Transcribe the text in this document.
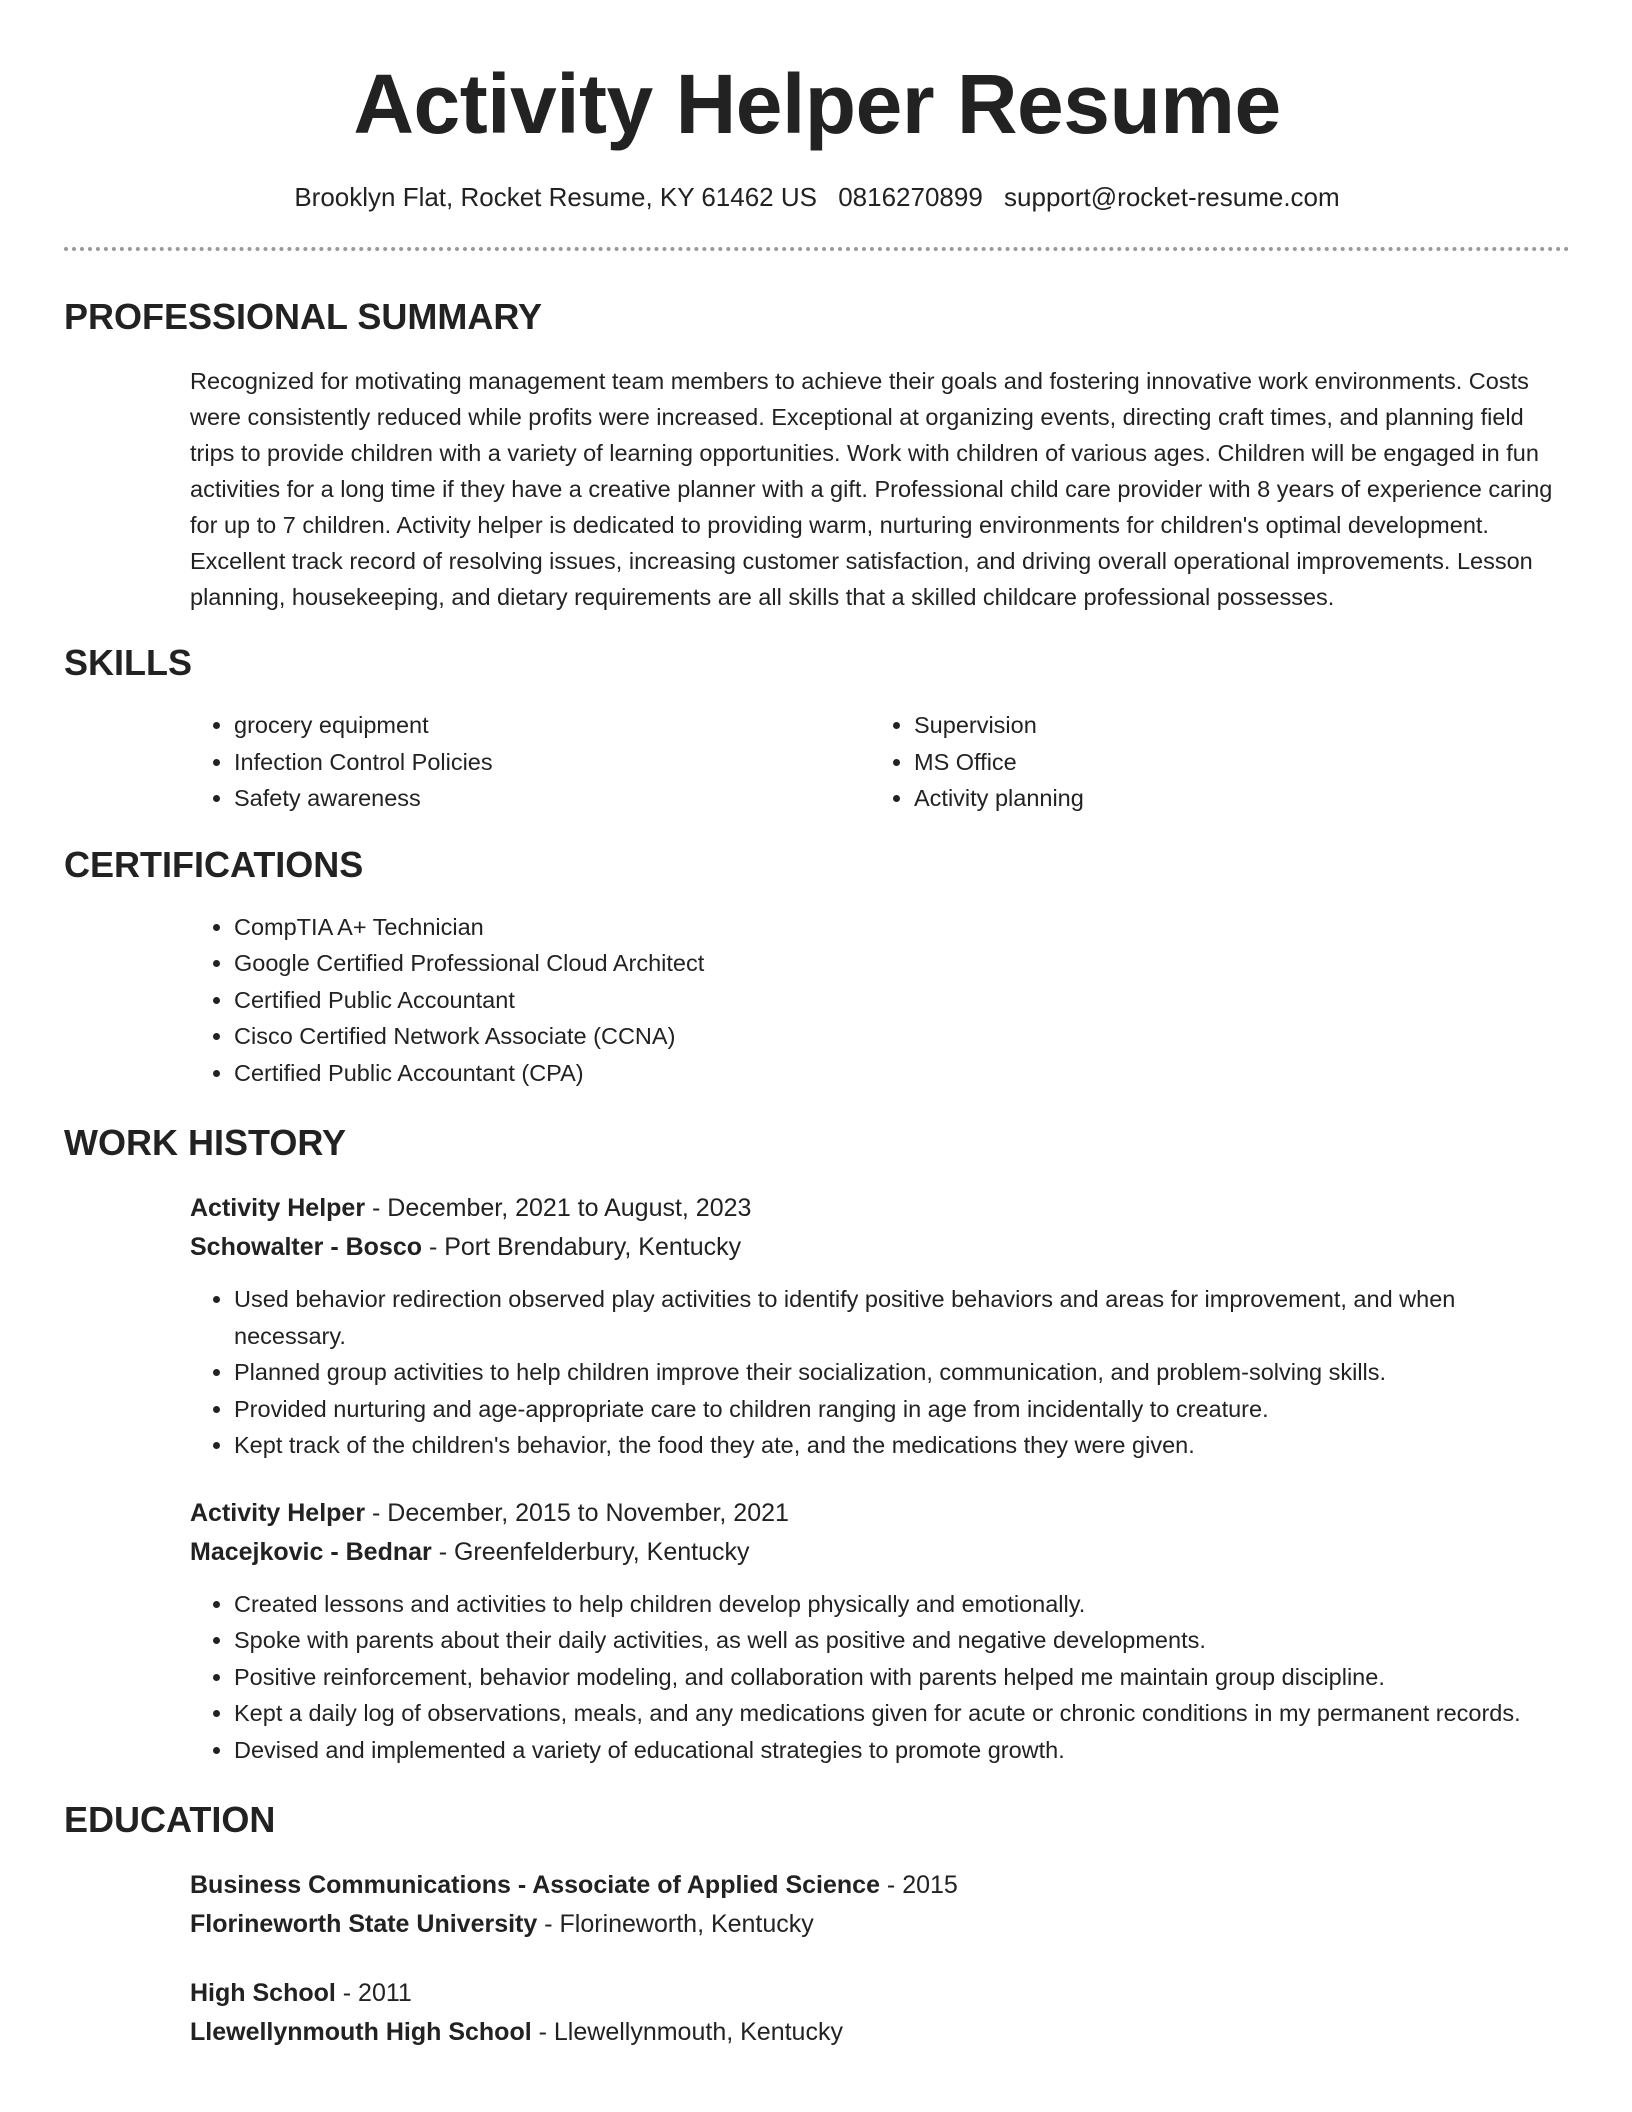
Activity Helper Resume
Brooklyn Flat, Rocket Resume, KY 61462 US 0816270899 support@rocket-resume.com
PROFESSIONAL SUMMARY
Recognized for motivating management team members to achieve their goals and fostering innovative work environments. Costs were consistently reduced while profits were increased. Exceptional at organizing events, directing craft times, and planning field trips to provide children with a variety of learning opportunities. Work with children of various ages. Children will be engaged in fun activities for a long time if they have a creative planner with a gift. Professional child care provider with 8 years of experience caring for up to 7 children. Activity helper is dedicated to providing warm, nurturing environments for children's optimal development. Excellent track record of resolving issues, increasing customer satisfaction, and driving overall operational improvements. Lesson planning, housekeeping, and dietary requirements are all skills that a skilled childcare professional possesses.
SKILLS
• grocery equipment
• Infection Control Policies
• Safety awareness
• Supervision
• MS Office
• Activity planning
CERTIFICATIONS
• CompTIA A+ Technician
• Google Certified Professional Cloud Architect
• Certified Public Accountant
• Cisco Certified Network Associate (CCNA)
• Certified Public Accountant (CPA)
WORK HISTORY
Activity Helper - December, 2021 to August, 2023
Schowalter - Bosco - Port Brendabury, Kentucky
• Used behavior redirection observed play activities to identify positive behaviors and areas for improvement, and when necessary.
• Planned group activities to help children improve their socialization, communication, and problem-solving skills.
• Provided nurturing and age-appropriate care to children ranging in age from incidentally to creature.
• Kept track of the children's behavior, the food they ate, and the medications they were given.
Activity Helper - December, 2015 to November, 2021
Macejkovic - Bednar - Greenfelderbury, Kentucky
• Created lessons and activities to help children develop physically and emotionally.
• Spoke with parents about their daily activities, as well as positive and negative developments.
• Positive reinforcement, behavior modeling, and collaboration with parents helped me maintain group discipline.
• Kept a daily log of observations, meals, and any medications given for acute or chronic conditions in my permanent records.
• Devised and implemented a variety of educational strategies to promote growth.
EDUCATION
Business Communications - Associate of Applied Science - 2015
Florineworth State University - Florineworth, Kentucky
High School - 2011
Llewellynmouth High School - Llewellynmouth, Kentucky
